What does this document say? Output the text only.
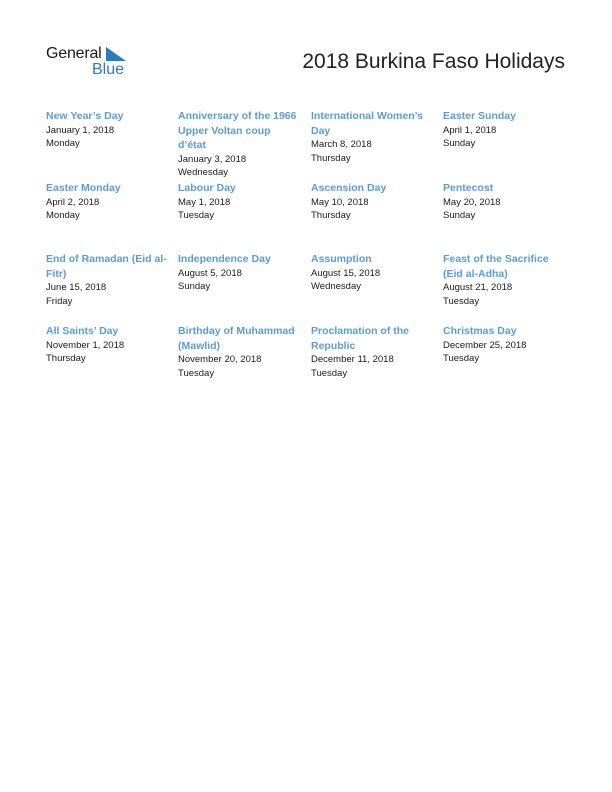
General
Blue	2018 Burkina Faso Holidays
New Year’s Day
January 1, 2018
Monday
Anniversary of the 1966 Upper Voltan coup d’état
January 3, 2018
Wednesday
International Women’s Day
March 8, 2018
Thursday
Easter Sunday
April 1, 2018
Sunday
Easter Monday
April 2, 2018
Monday
Labour Day
May 1, 2018
Tuesday
Ascension Day
May 10, 2018
Thursday
Pentecost
May 20, 2018
Sunday
End of Ramadan (Eid al-Fitr)
June 15, 2018
Friday
Independence Day
August 5, 2018
Sunday
Assumption
August 15, 2018
Wednesday
Feast of the Sacrifice (Eid al-Adha)
August 21, 2018
Tuesday
All Saints’ Day
November 1, 2018
Thursday
Birthday of Muhammad (Mawlid)
November 20, 2018
Tuesday
Proclamation of the Republic
December 11, 2018
Tuesday
Christmas Day
December 25, 2018
Tuesday
